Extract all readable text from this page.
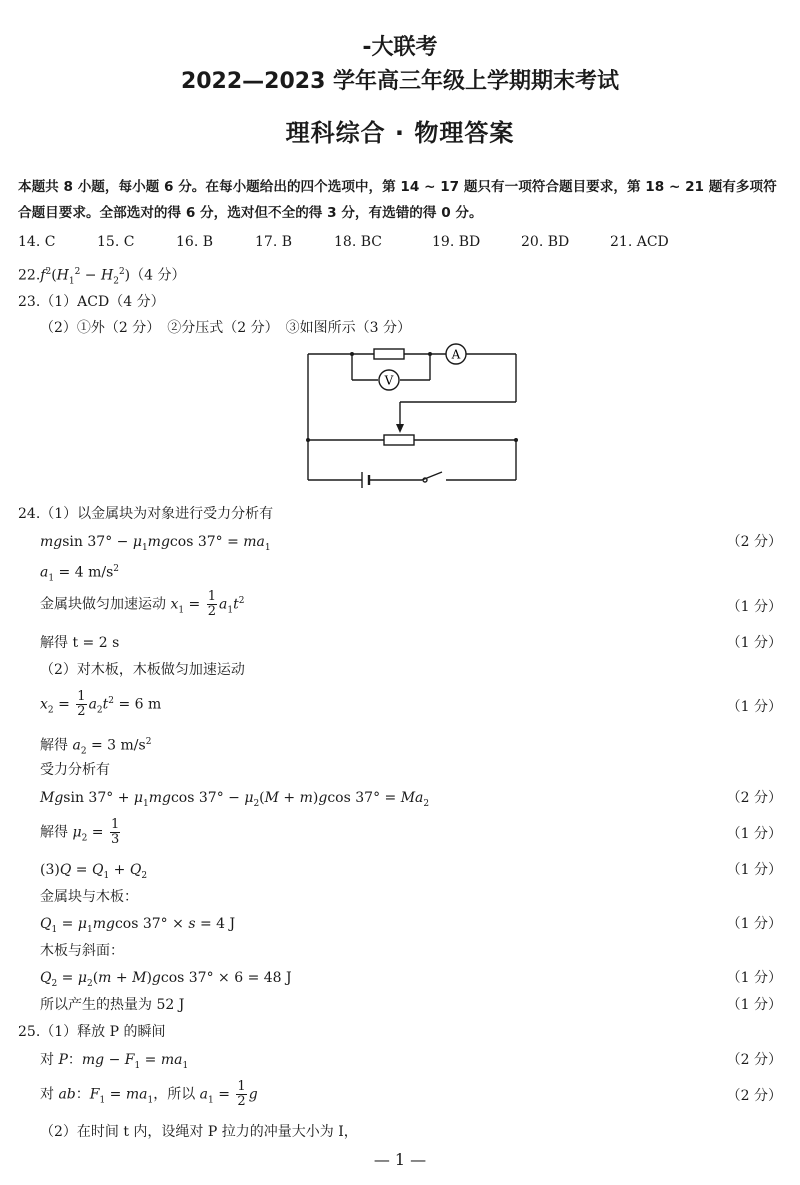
-大联考
2022—2023 学年高三年级上学期期末考试
理科综合 · 物理答案
本题共 8 小题，每小题 6 分。在每小题给出的四个选项中，第 14 ~ 17 题只有一项符合题目要求，第 18 ~ 21 题有多项符合题目要求。全部选对的得 6 分，选对但不全的得 3 分，有选错的得 0 分。
14. C	15. C	16. B	17. B	18. BC	19. BD	20. BD	21. ACD
$22.f^2(H_1^2 - H_2^2)(4$ 分）
23.（1）ACD（4 分）
（2）①外（2 分）　②分压式（2 分）　③如图所示（3 分）
A
V
24.（1）以金属块为对象进行受力分析有
mgsin $37^\circ - \mu_1mgcos$ $37^\circ = ma_1$	（2 分）
$a_1 = 4$ $m/s^2$
金属块做匀加速运动 $x_1 = \frac{1}{2} a_1t^2$	（1 分）
解得 t = 2 s	（1 分）
（2）对木板，木板做匀加速运动
$x_2 = \frac{1}{2} a_2t^2 = 6$ m	（1 分）
解得 $a_2 = 3$ $m/s^2$
受力分析有
Mgsin $37^\circ + \mu_1mgcos$ $37^\circ - \mu_2(M + m)gcos$ $37^\circ = Ma_2$	（2 分）
解得 $\mu_2 = \frac{1}{3}$	（1 分）
$(3)Q = Q_1 + Q_2$	（1 分）
金属块与木板：
$Q_1 = \mu_1mgcos$ 37° × s = 4 J	（1 分）
木板与斜面：
$Q_2 = \mu_2(m + M)gcos$ 37° × 6 = 48 J	（1 分）
所以产生的热量为 52 J	（1 分）
25.（1）释放 P 的瞬间
对 P：mg − $F_1 = ma_1$	（2 分）
对 ab：$F_1 = ma_1$，所以 $a_1 = \frac{1}{2}$ g	（2 分）
（2）在时间 t 内，设绳对 P 拉力的冲量大小为 I，
— 1 —
